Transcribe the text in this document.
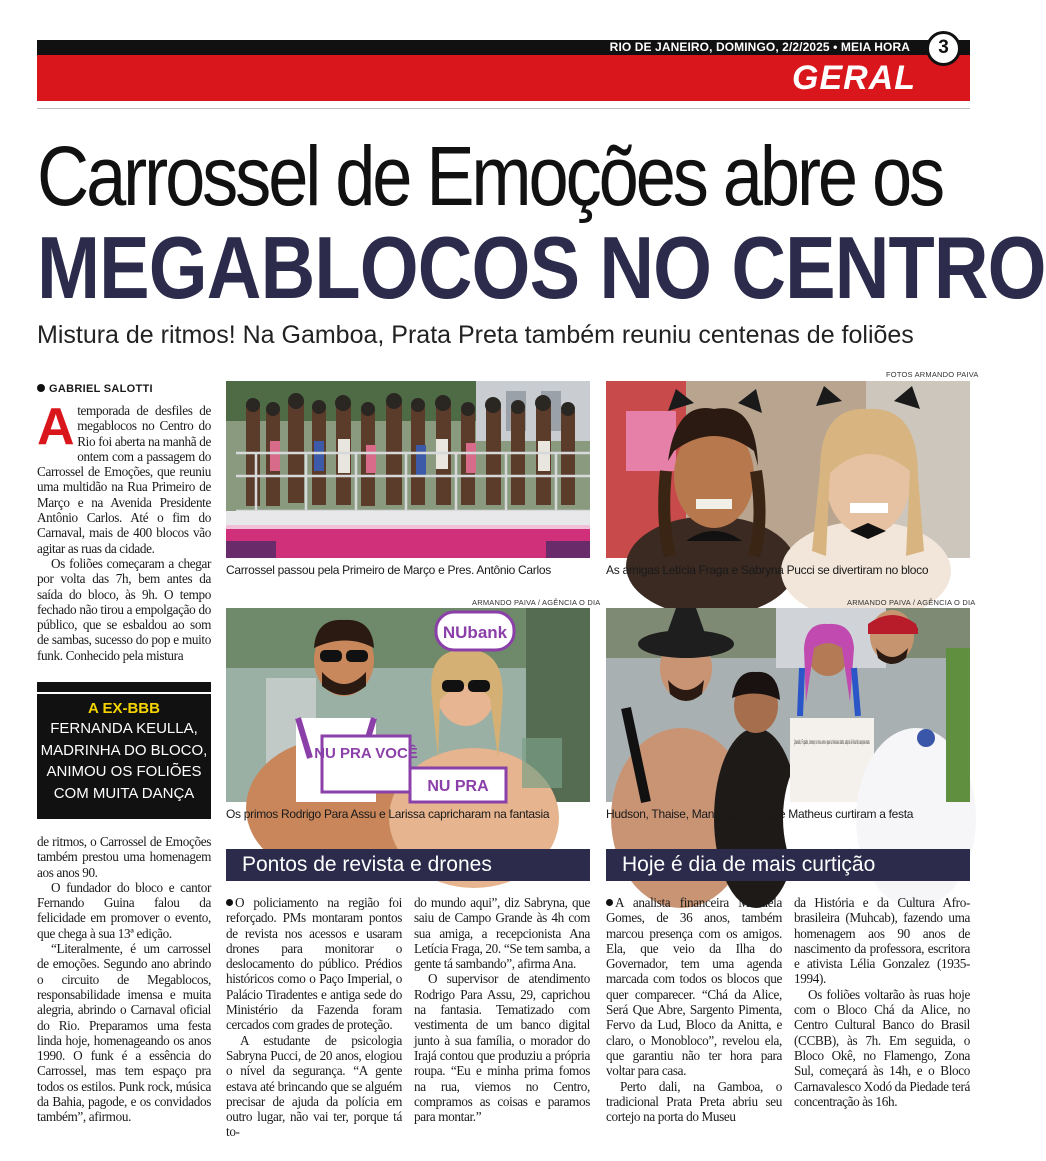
RIO DE JANEIRO, DOMINGO, 2/2/2025 • MEIA HORA	3
GERAL
Carrossel de Emoções abre os
MEGABLOCOS NO CENTRO
Mistura de ritmos! Na Gamboa, Prata Preta também reuniu centenas de foliões
GABRIEL SALOTTI

Atemporada de desfiles de megablocos no Centro do Rio foi aberta na manhã de ontem com a passagem do Carrossel de Emoções, que reuniu uma multidão na Rua Primeiro de Março e na Avenida Presidente Antônio Carlos. Até o fim do Carnaval, mais de 400 blocos vão agitar as ruas da cidade.

Os foliões começaram a chegar por volta das 7h, bem antes da saída do bloco, às 9h. O tempo fechado não tirou a empolgação do público, que se esbaldou ao som de sambas, sucesso do pop e muito funk. Conhecido pela mistura

A EX-BBB
FERNANDA KEULLA, MADRINHA DO BLOCO, ANIMOU OS FOLIÕES COM MUITA DANÇA

de ritmos, o Carrossel de Emoções também prestou uma homenagem aos anos 90.

O fundador do bloco e cantor Fernando Guina falou da felicidade em promover o evento, que chega à sua 13ª edição.

“Literalmente, é um carrossel de emoções. Segundo ano abrindo o circuito de Megablocos, responsabilidade imensa e muita alegria, abrindo o Carnaval oficial do Rio. Preparamos uma festa linda hoje, homenageando os anos 1990. O funk é a essência do Carrossel, mas tem espaço pra todos os estilos. Punk rock, música da Bahia, pagode, e os convidados também”, afirmou.

Carrossel passou pela Primeiro de Março e Pres. Antônio Carlos
FOTOS ARMANDO PAIVA
As amigas Letícia Fraga e Sabryna Pucci se divertiram no bloco
ARMANDO PAIVA / AGÊNCIA O DIA
NUbank
NU PRA VOCÊ
NU PRA
Os primos Rodrigo Para Assu e Larissa capricharam na fantasia
ARMANDO PAIVA / AGÊNCIA O DIA
Querido, Fugado, começo o meu ano e que tu tivesses tanto, depois é final de campeonato.
Hudson, Thaise, Manuela Gomes e Matheus curtiram a festa
Pontos de revista e drones

O policiamento na região foi reforçado. PMs montaram pontos de revista nos acessos e usaram drones para monitorar o deslocamento do público. Prédios históricos como o Paço Imperial, o Palácio Tiradentes e antiga sede do Ministério da Fazenda foram cercados com grades de proteção.

A estudante de psicologia Sabryna Pucci, de 20 anos, elogiou o nível da segurança. “A gente estava até brincando que se alguém precisar de ajuda da polícia em outro lugar, não vai ter, porque tá to-

do mundo aqui”, diz Sabryna, que saiu de Campo Grande às 4h com sua amiga, a recepcionista Ana Letícia Fraga, 20. “Se tem samba, a gente tá sambando”, afirma Ana.

O supervisor de atendimento Rodrigo Para Assu, 29, caprichou na fantasia. Tematizado com vestimenta de um banco digital junto à sua família, o morador do Irajá contou que produziu a própria roupa. “Eu e minha prima fomos na rua, viemos no Centro, compramos as coisas e paramos para montar.”

Hoje é dia de mais curtição

A analista financeira Manuela Gomes, de 36 anos, também marcou presença com os amigos. Ela, que veio da Ilha do Governador, tem uma agenda marcada com todos os blocos que quer comparecer. “Chá da Alice, Será Que Abre, Sargento Pimenta, Fervo da Lud, Bloco da Anitta, e claro, o Monobloco”, revelou ela, que garantiu não ter hora para voltar para casa.

Perto dali, na Gamboa, o tradicional Prata Preta abriu seu cortejo na porta do Museu

da História e da Cultura Afro-brasileira (Muhcab), fazendo uma homenagem aos 90 anos de nascimento da professora, escritora e ativista Lélia Gonzalez (1935-1994).

Os foliões voltarão às ruas hoje com o Bloco Chá da Alice, no Centro Cultural Banco do Brasil (CCBB), às 7h. Em seguida, o Bloco Okê, no Flamengo, Zona Sul, começará às 14h, e o Bloco Carnavalesco Xodó da Piedade terá concentração às 16h.
